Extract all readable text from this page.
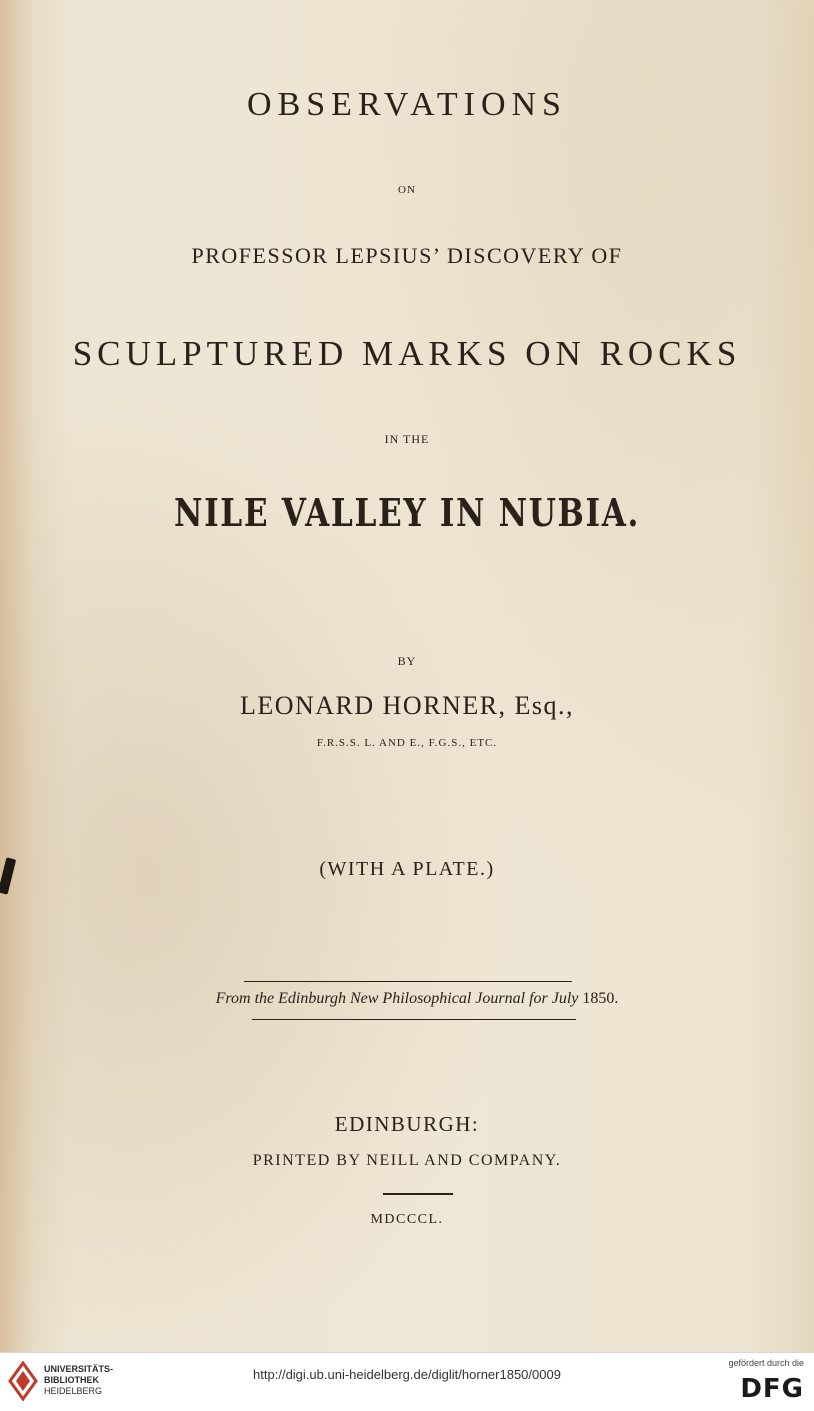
OBSERVATIONS
ON
PROFESSOR LEPSIUS’ DISCOVERY OF
SCULPTURED MARKS ON ROCKS
IN THE
NILE VALLEY IN NUBIA.
BY
LEONARD HORNER, Esq.,
F.R.S.S. L. AND E., F.G.S., ETC.
(WITH A PLATE.)
From the Edinburgh New Philosophical Journal for July 1850.
EDINBURGH:
PRINTED BY NEILL AND COMPANY.
MDCCCL.
UNIVERSITÄTS-
BIBLIOTHEK
HEIDELBERG
http://digi.ub.uni-heidelberg.de/diglit/horner1850/0009
gefördert durch die
DFG
